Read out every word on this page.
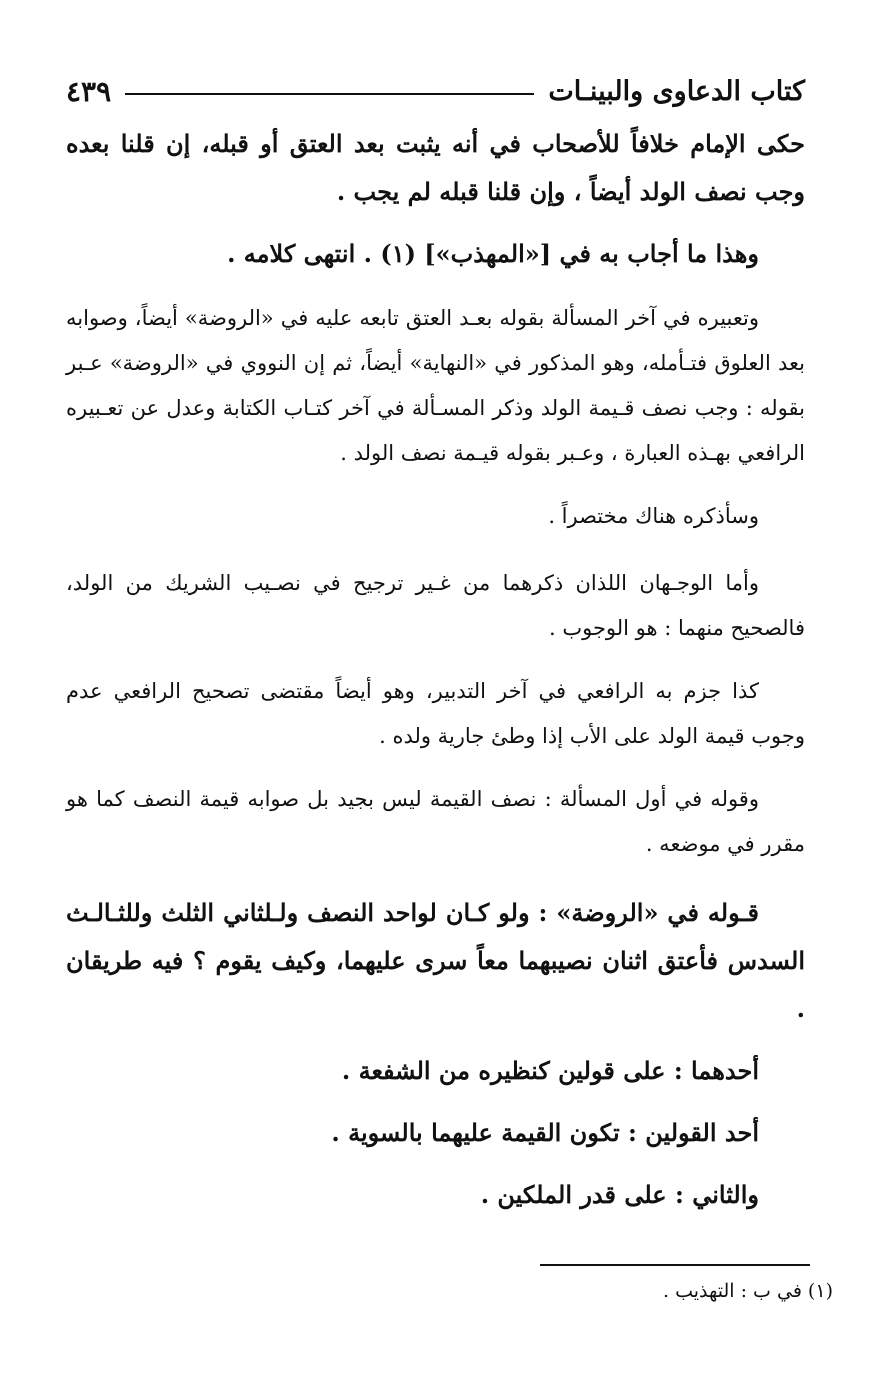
كتاب الدعاوى والبينـات
٤٣٩

حكى الإمام خلافاً للأصحاب في أنه يثبت بعد العتق أو قبله، إن قلنا بعده وجب نصف الولد أيضاً ، وإن قلنا قبله لم يجب .

وهذا ما أجاب به في [«المهذب»] (١) . انتهى كلامه .

وتعبيره في آخر المسألة بقوله بعـد العتق تابعه عليه في «الروضة» أيضاً، وصوابه بعد العلوق فتـأمله، وهو المذكور في «النهاية» أيضاً، ثم إن النووي في «الروضة» عـبر بقوله : وجب نصف قـيمة الولد وذكر المسـألة في آخر كتـاب الكتابة وعدل عن تعـبيره الرافعي بهـذه العبارة ، وعـبر بقوله قيـمة نصف الولد .

وسأذكره هناك مختصراً .

وأما الوجـهان اللذان ذكرهما من غـير ترجيح في نصـيب الشريك من الولد، فالصحيح منهما : هو الوجوب .

كذا جزم به الرافعي في آخر التدبير، وهو أيضاً مقتضى تصحيح الرافعي عدم وجوب قيمة الولد على الأب إذا وطئ جارية ولده .

وقوله في أول المسألة : نصف القيمة ليس بجيد بل صوابه قيمة النصف كما هو مقرر في موضعه .

قـوله في «الروضة» : ولو كـان لواحد النصف ولـلثاني الثلث وللثـالـث السدس فأعتق اثنان نصيبهما معاً سرى عليهما، وكيف يقوم ؟ فيه طريقان .

أحدهما : على قولين كنظيره من الشفعة .

أحد القولين : تكون القيمة عليهما بالسوية .

والثاني : على قدر الملكين .

(١) في ب : التهذيب .
